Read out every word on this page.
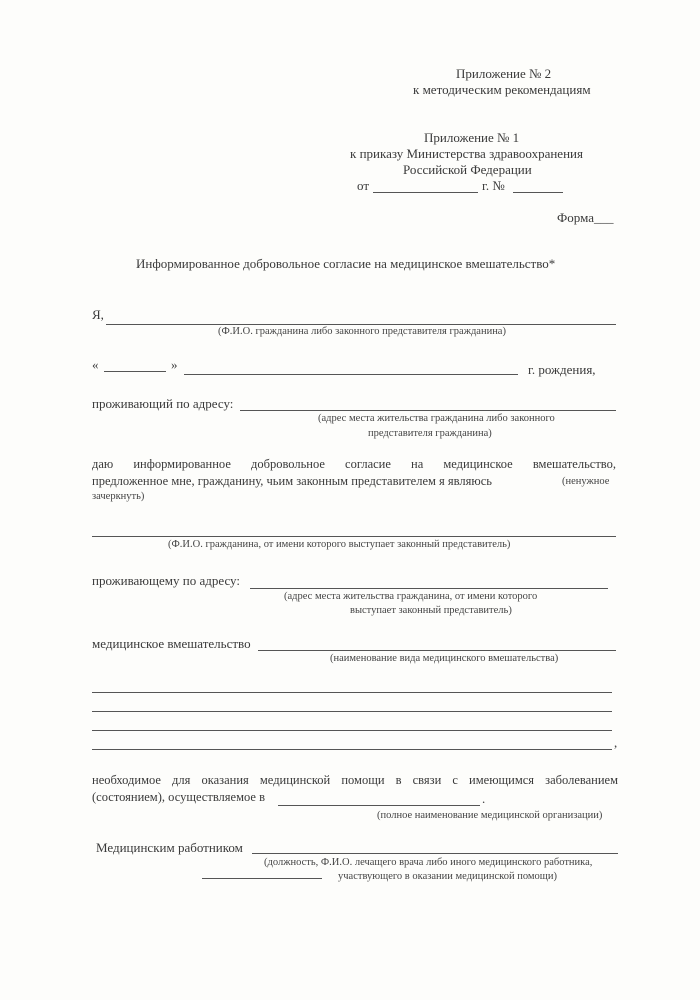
Приложение № 2
к методическим рекомендациям
Приложение № 1
к приказу Министерства здравоохранения
Российской Федерации
от	г. №
Форма___
Информированное добровольное согласие на медицинское вмешательство*
Я,
(Ф.И.О. гражданина либо законного представителя гражданина)
«	»	г. рождения,
проживающий по адресу:
(адрес места жительства гражданина либо законного
представителя гражданина)
даю информированное добровольное согласие на медицинское вмешательство,
предложенное мне, гражданину, чьим законным представителем я являюсь	(ненужное
зачеркнуть)
(Ф.И.О. гражданина, от имени которого выступает законный представитель)
проживающему по адресу:
(адрес места жительства гражданина, от имени которого
выступает законный представитель)
медицинское вмешательство
(наименование вида медицинского вмешательства)
,
необходимое для оказания медицинской помощи в связи с имеющимся заболеванием
(состоянием), осуществляемое в	.
(полное наименование медицинской организации)
Медицинским работником
(должность, Ф.И.О. лечащего врача либо иного медицинского работника,
участвующего в оказании медицинской помощи)
